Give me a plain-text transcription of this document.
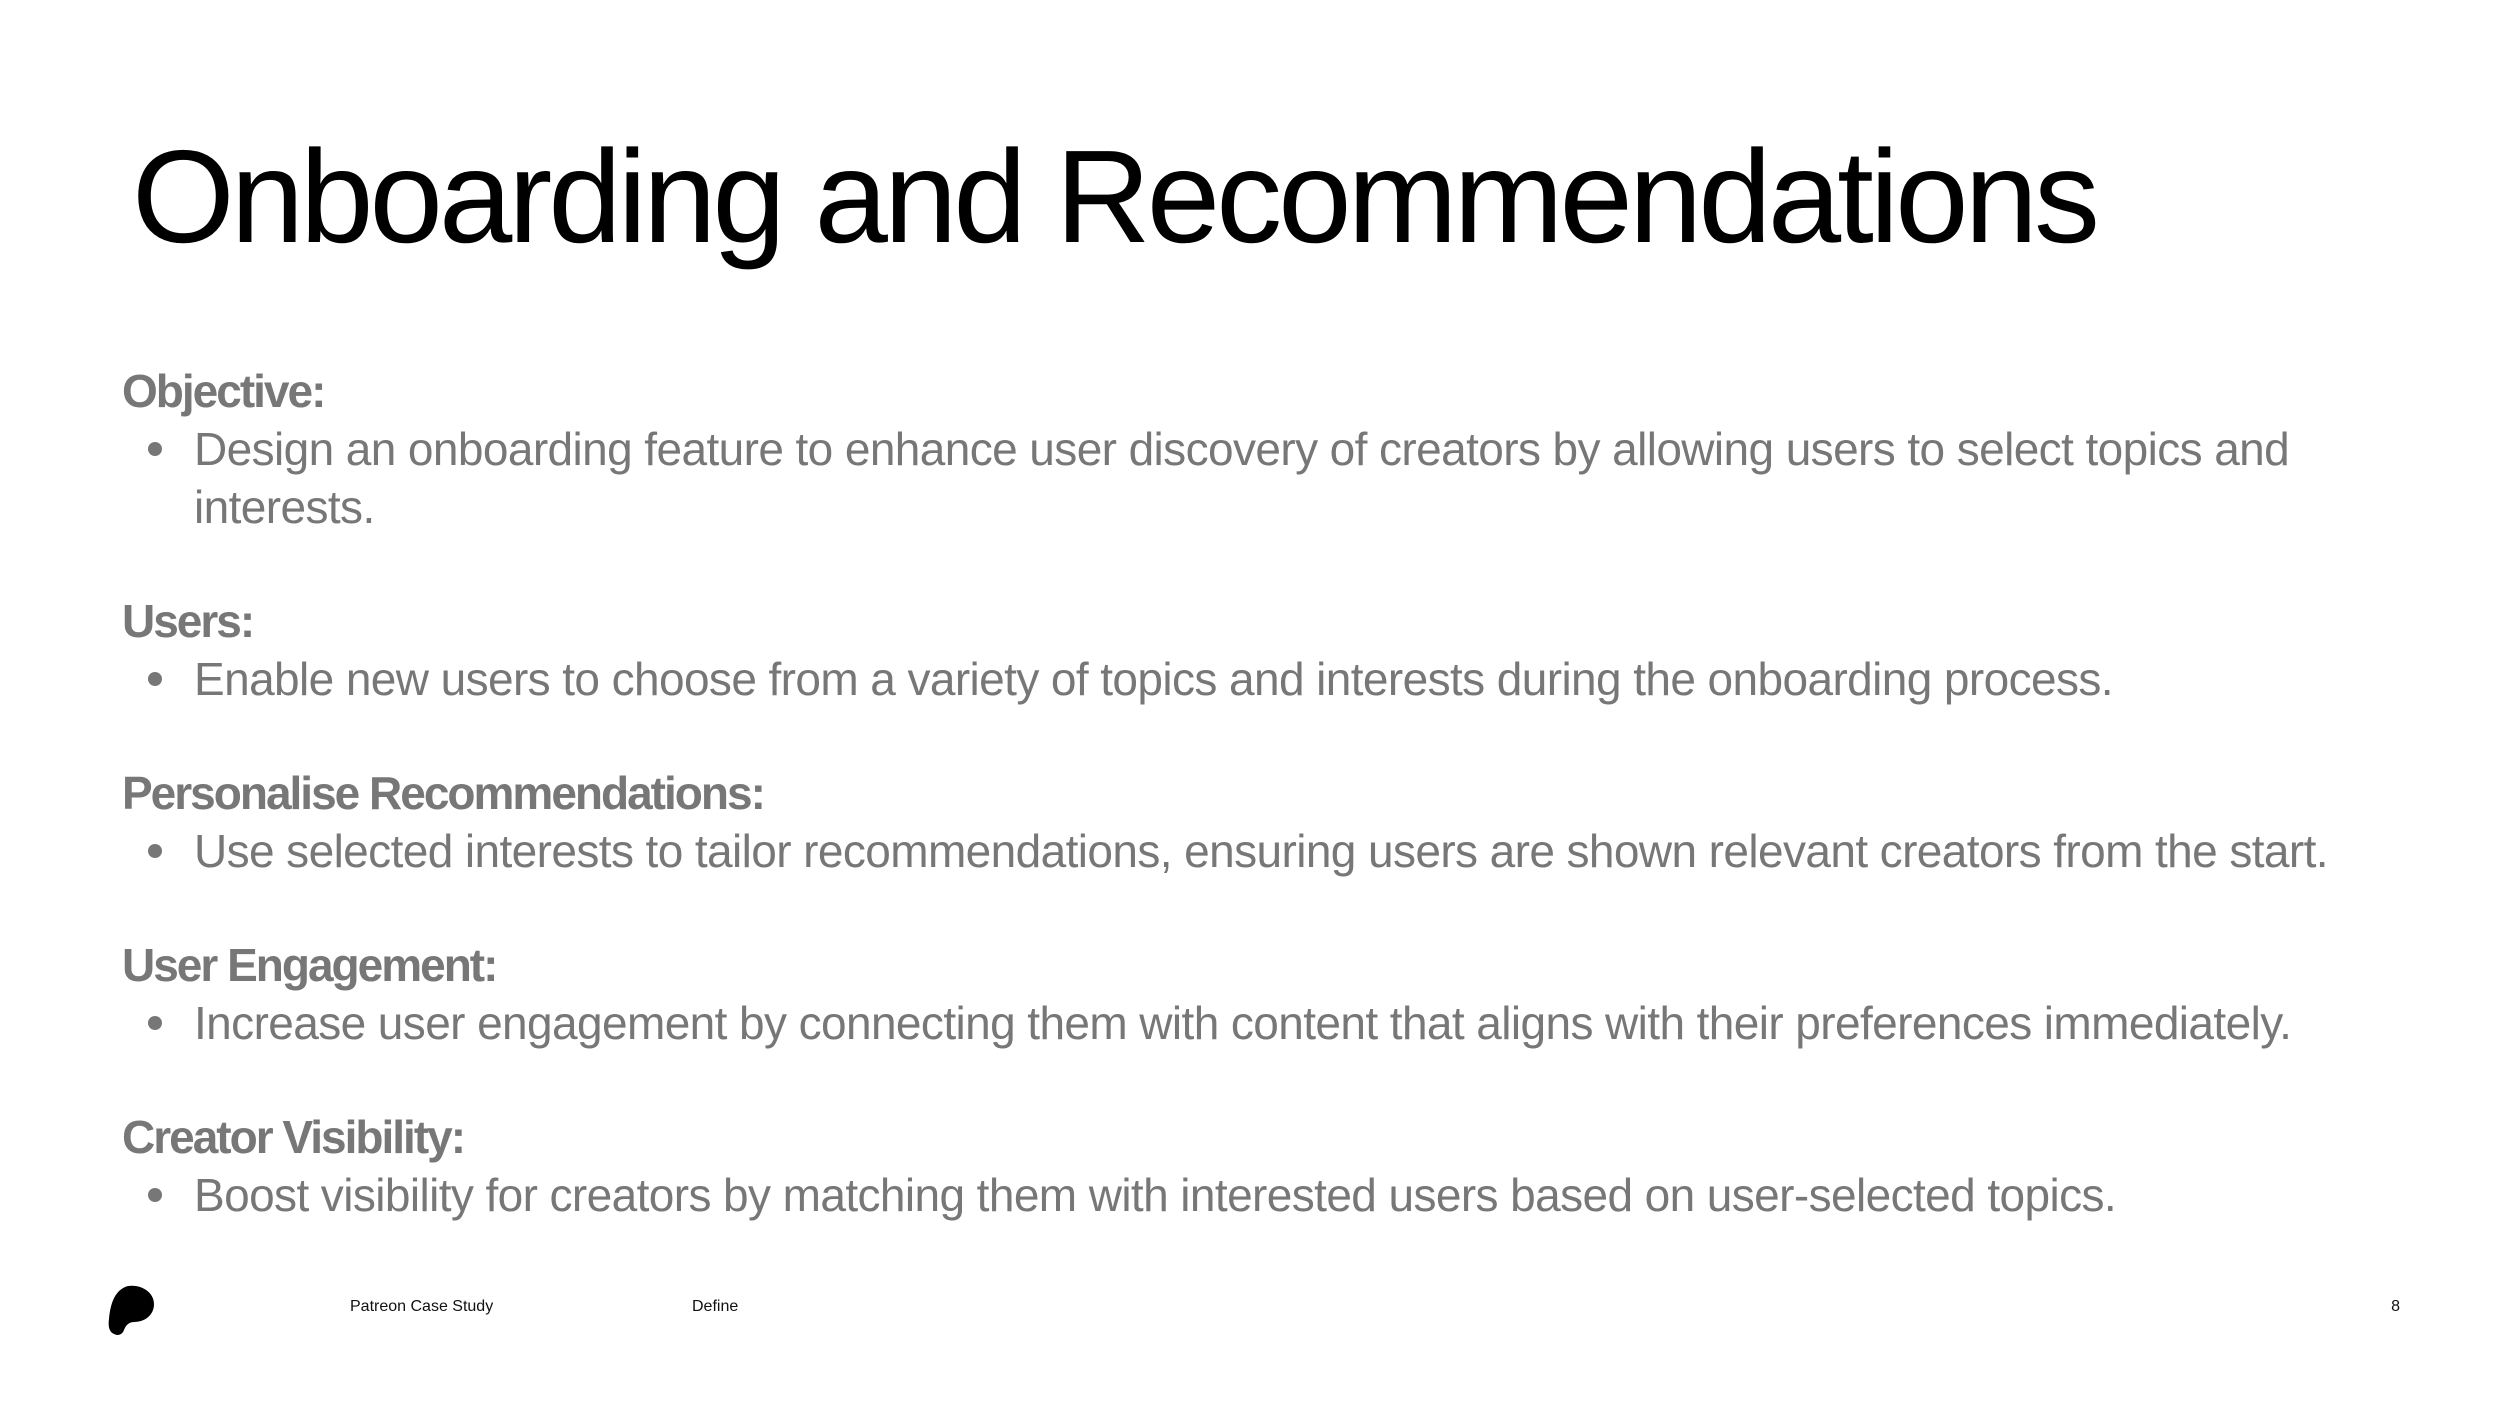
Onboarding and Recommendations
Objective:
Design an onboarding feature to enhance user discovery of creators by allowing users to select topics and interests.
Users:
Enable new users to choose from a variety of topics and interests during the onboarding process.
Personalise Recommendations:
Use selected interests to tailor recommendations, ensuring users are shown relevant creators from the start.
User Engagement:
Increase user engagement by connecting them with content that aligns with their preferences immediately.
Creator Visibility:
Boost visibility for creators by matching them with interested users based on user-selected topics.
Patreon Case Study	Define	8
